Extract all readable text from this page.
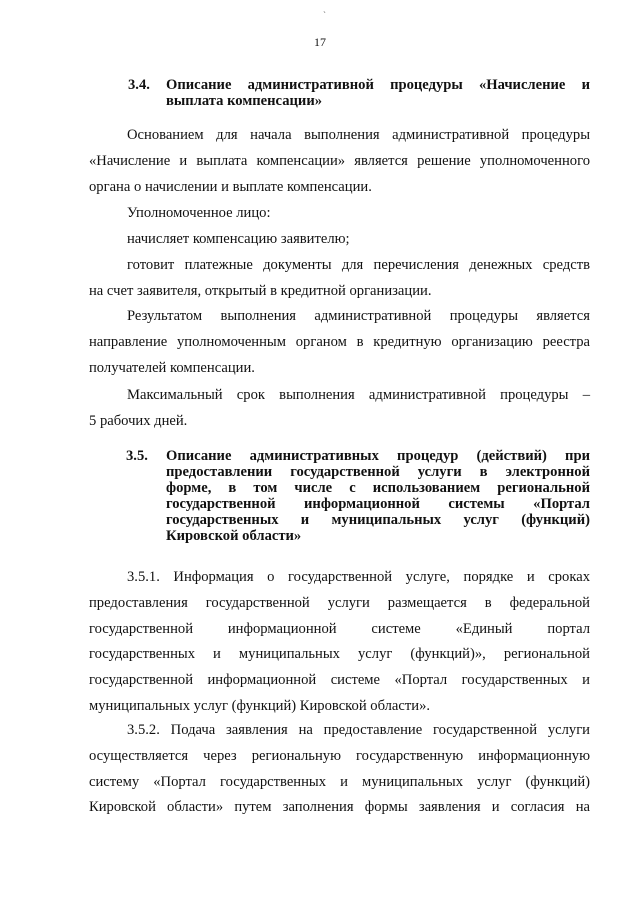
ˋ
17
3.4. Описание административной процедуры «Начисление и
выплата компенсации»
Основанием для начала выполнения административной процедуры
«Начисление и выплата компенсации» является решение уполномоченного
органа о начислении и выплате компенсации.
Уполномоченное лицо:
начисляет компенсацию заявителю;
готовит платежные документы для перечисления денежных средств
на счет заявителя, открытый в кредитной организации.
Результатом выполнения административной процедуры является
направление уполномоченным органом в кредитную организацию реестра
получателей компенсации.
Максимальный срок выполнения административной процедуры –
5 рабочих дней.
3.5. Описание административных процедур (действий) при
предоставлении государственной услуги в электронной
форме, в том числе с использованием региональной
государственной информационной системы «Портал
государственных и муниципальных услуг (функций)
Кировской области»
3.5.1. Информация о государственной услуге, порядке и сроках
предоставления государственной услуги размещается в федеральной
государственной информационной системе «Единый портал
государственных и муниципальных услуг (функций)», региональной
государственной информационной системе «Портал государственных и
муниципальных услуг (функций) Кировской области».
3.5.2. Подача заявления на предоставление государственной услуги
осуществляется через региональную государственную информационную
систему «Портал государственных и муниципальных услуг (функций)
Кировской области» путем заполнения формы заявления и согласия на
